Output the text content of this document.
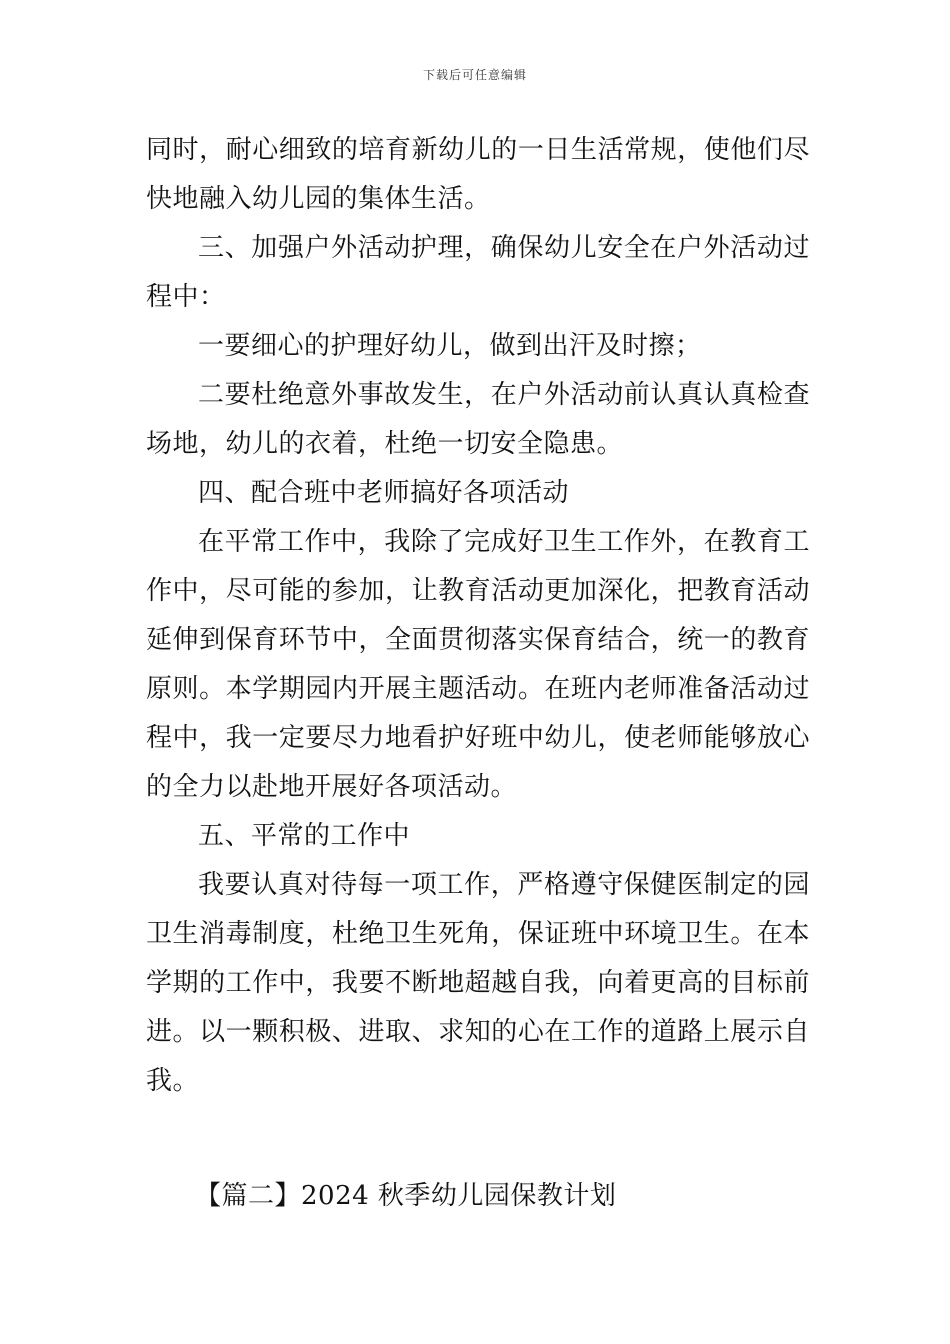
下载后可任意编辑

同时，耐心细致的培育新幼儿的一日生活常规，使他们尽快地融入幼儿园的集体生活。

三、加强户外活动护理，确保幼儿安全在户外活动过程中：

一要细心的护理好幼儿，做到出汗及时擦；

二要杜绝意外事故发生，在户外活动前认真认真检查场地，幼儿的衣着，杜绝一切安全隐患。

四、配合班中老师搞好各项活动

在平常工作中，我除了完成好卫生工作外，在教育工作中，尽可能的参加，让教育活动更加深化，把教育活动延伸到保育环节中，全面贯彻落实保育结合，统一的教育原则。本学期园内开展主题活动。在班内老师准备活动过程中，我一定要尽力地看护好班中幼儿，使老师能够放心的全力以赴地开展好各项活动。

五、平常的工作中

我要认真对待每一项工作，严格遵守保健医制定的园卫生消毒制度，杜绝卫生死角，保证班中环境卫生。在本学期的工作中，我要不断地超越自我，向着更高的目标前进。以一颗积极、进取、求知的心在工作的道路上展示自我。

【篇二】2024 秋季幼儿园保教计划
